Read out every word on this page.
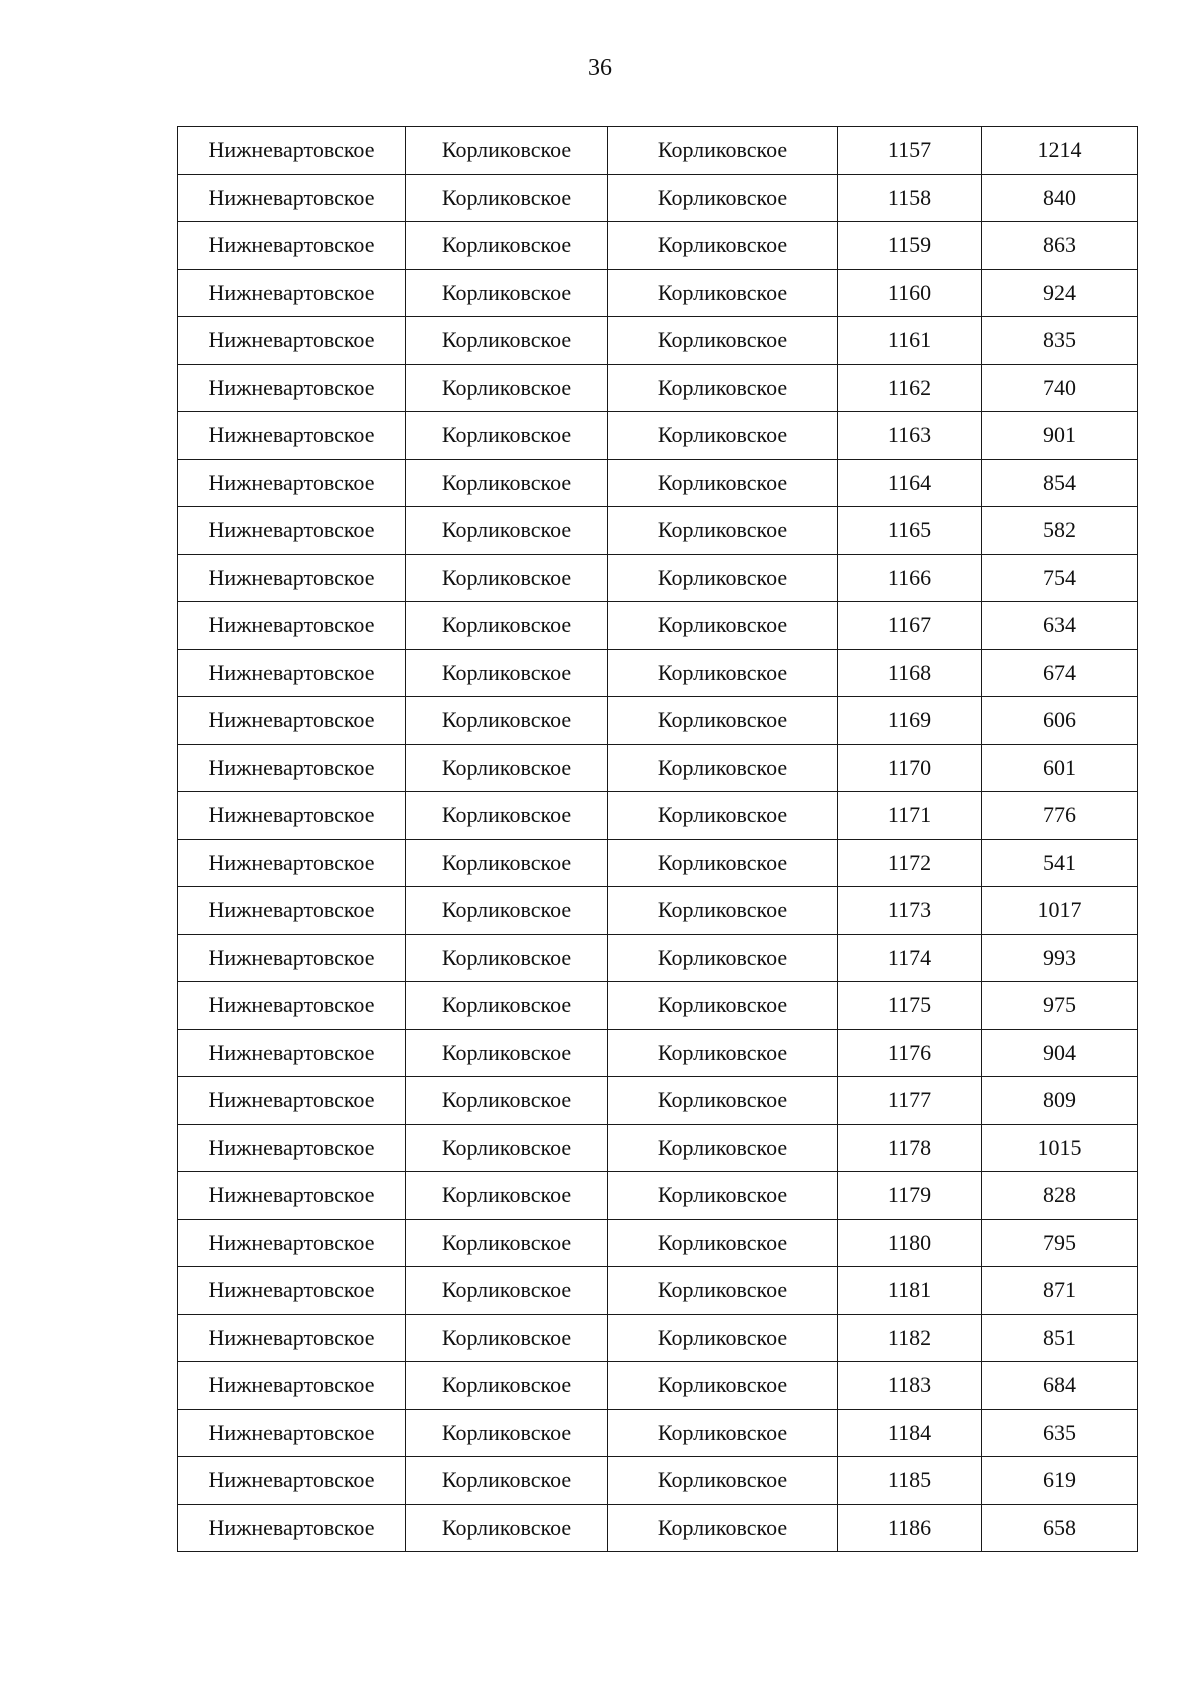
36
Нижневартовское	Корликовское	Корликовское	1157	1214
Нижневартовское	Корликовское	Корликовское	1158	840
Нижневартовское	Корликовское	Корликовское	1159	863
Нижневартовское	Корликовское	Корликовское	1160	924
Нижневартовское	Корликовское	Корликовское	1161	835
Нижневартовское	Корликовское	Корликовское	1162	740
Нижневартовское	Корликовское	Корликовское	1163	901
Нижневартовское	Корликовское	Корликовское	1164	854
Нижневартовское	Корликовское	Корликовское	1165	582
Нижневартовское	Корликовское	Корликовское	1166	754
Нижневартовское	Корликовское	Корликовское	1167	634
Нижневартовское	Корликовское	Корликовское	1168	674
Нижневартовское	Корликовское	Корликовское	1169	606
Нижневартовское	Корликовское	Корликовское	1170	601
Нижневартовское	Корликовское	Корликовское	1171	776
Нижневартовское	Корликовское	Корликовское	1172	541
Нижневартовское	Корликовское	Корликовское	1173	1017
Нижневартовское	Корликовское	Корликовское	1174	993
Нижневартовское	Корликовское	Корликовское	1175	975
Нижневартовское	Корликовское	Корликовское	1176	904
Нижневартовское	Корликовское	Корликовское	1177	809
Нижневартовское	Корликовское	Корликовское	1178	1015
Нижневартовское	Корликовское	Корликовское	1179	828
Нижневартовское	Корликовское	Корликовское	1180	795
Нижневартовское	Корликовское	Корликовское	1181	871
Нижневартовское	Корликовское	Корликовское	1182	851
Нижневартовское	Корликовское	Корликовское	1183	684
Нижневартовское	Корликовское	Корликовское	1184	635
Нижневартовское	Корликовское	Корликовское	1185	619
Нижневартовское	Корликовское	Корликовское	1186	658
